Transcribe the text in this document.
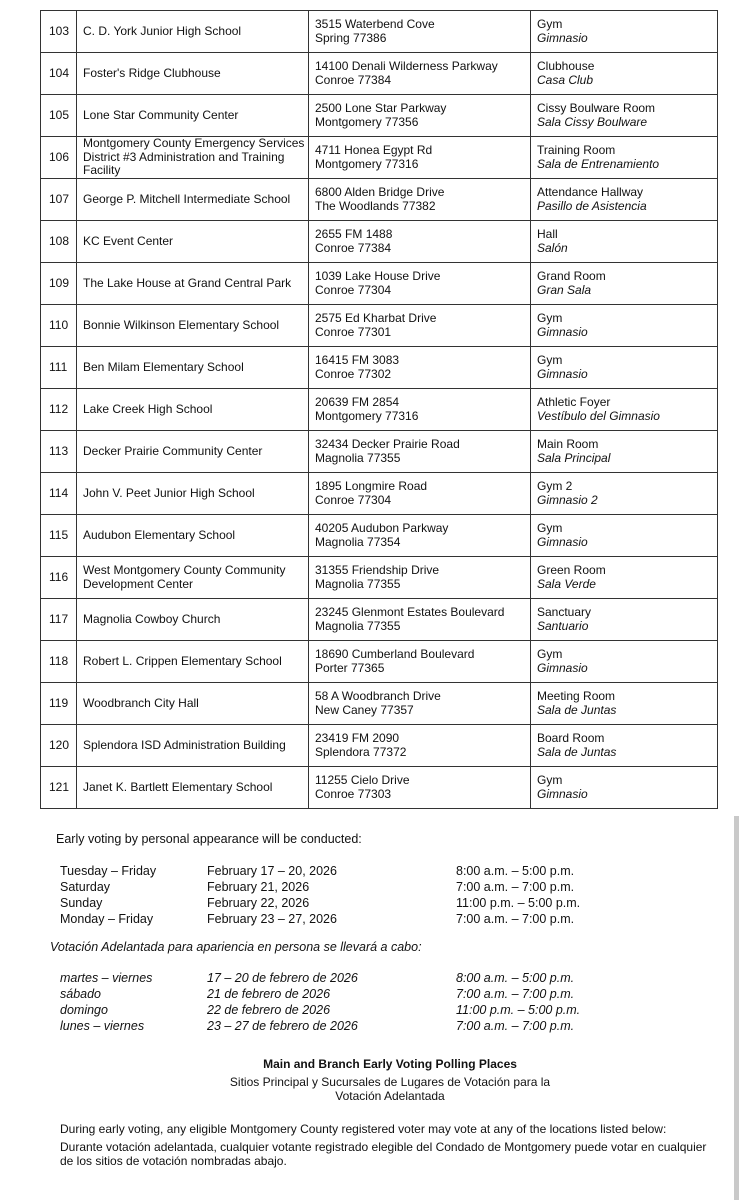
103	C. D. York Junior High School	3515 Waterbend Cove
Spring 77386	Gym
Gimnasio

104	Foster's Ridge Clubhouse	14100 Denali Wilderness Parkway
Conroe 77384	Clubhouse
Casa Club

105	Lone Star Community Center	2500 Lone Star Parkway
Montgomery 77356	Cissy Boulware Room
Sala Cissy Boulware

106	Montgomery County Emergency Services
District #3 Administration and Training
Facility	4711 Honea Egypt Rd
Montgomery 77316	Training Room
Sala de Entrenamiento

107	George P. Mitchell Intermediate School	6800 Alden Bridge Drive
The Woodlands 77382	Attendance Hallway
Pasillo de Asistencia

108	KC Event Center	2655 FM 1488
Conroe 77384	Hall
Salón

109	The Lake House at Grand Central Park	1039 Lake House Drive
Conroe 77304	Grand Room
Gran Sala

110	Bonnie Wilkinson Elementary School	2575 Ed Kharbat Drive
Conroe 77301	Gym
Gimnasio

111	Ben Milam Elementary School	16415 FM 3083
Conroe 77302	Gym
Gimnasio

112	Lake Creek High School	20639 FM 2854
Montgomery 77316	Athletic Foyer
Vestíbulo del Gimnasio

113	Decker Prairie Community Center	32434 Decker Prairie Road
Magnolia 77355	Main Room
Sala Principal

114	John V. Peet Junior High School	1895 Longmire Road
Conroe 77304	Gym 2
Gimnasio 2

115	Audubon Elementary School	40205 Audubon Parkway
Magnolia 77354	Gym
Gimnasio

116	West Montgomery County Community
Development Center	31355 Friendship Drive
Magnolia 77355	Green Room
Sala Verde

117	Magnolia Cowboy Church	23245 Glenmont Estates Boulevard
Magnolia 77355	Sanctuary
Santuario

118	Robert L. Crippen Elementary School	18690 Cumberland Boulevard
Porter 77365	Gym
Gimnasio

119	Woodbranch City Hall	58 A Woodbranch Drive
New Caney 77357	Meeting Room
Sala de Juntas

120	Splendora ISD Administration Building	23419 FM 2090
Splendora 77372	Board Room
Sala de Juntas

121	Janet K. Bartlett Elementary School	11255 Cielo Drive
Conroe 77303	Gym
Gimnasio
Early voting by personal appearance will be conducted:
Tuesday – Friday	February 17 – 20, 2026	8:00 a.m. – 5:00 p.m.
Saturday	February 21, 2026	7:00 a.m. – 7:00 p.m.
Sunday	February 22, 2026	11:00 p.m. – 5:00 p.m.
Monday – Friday	February 23 – 27, 2026	7:00 a.m. – 7:00 p.m.
Votación Adelantada para apariencia en persona se llevará a cabo:
martes – viernes	17 – 20 de febrero de 2026	8:00 a.m. – 5:00 p.m.
sábado	21 de febrero de 2026	7:00 a.m. – 7:00 p.m.
domingo	22 de febrero de 2026	11:00 p.m. – 5:00 p.m.
lunes – viernes	23 – 27 de febrero de 2026	7:00 a.m. – 7:00 p.m.
Main and Branch Early Voting Polling Places
Sitios Principal y Sucursales de Lugares de Votación para la
Votación Adelantada
During early voting, any eligible Montgomery County registered voter may vote at any of the locations listed below:
Durante votación adelantada, cualquier votante registrado elegible del Condado de Montgomery puede votar en cualquier
de los sitios de votación nombradas abajo.
